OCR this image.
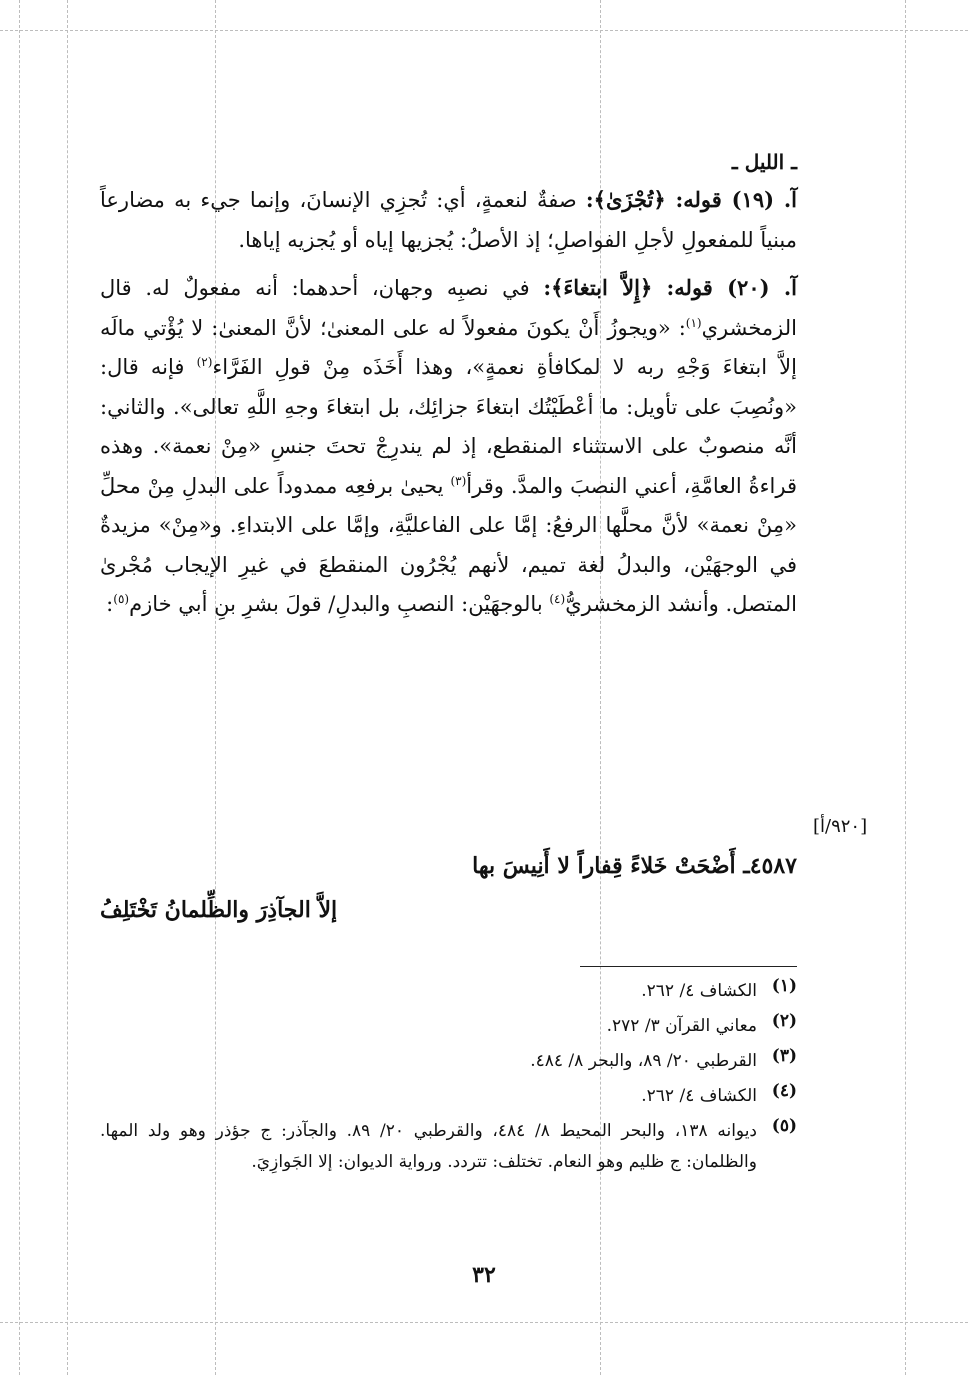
ـ الليل ـ

آ. (١٩) قوله: ﴿تُجْزَىٰ﴾: صفةٌ لنعمةٍ، أي: تُجزِي الإنسانَ، وإنما جيء به مضارعاً مبنياً للمفعولِ لأجلِ الفواصلِ؛ إذ الأصلُ: يُجزيها إياه أو يُجزيه إياها.

آ. (٢٠) قوله: ﴿إِلاَّ ابتغاءَ﴾: في نصبِه وجهان، أحدهما: أنه مفعولٌ له. قال الزمخشري$^{(١)}$: «ويجوزُ أَنْ يكونَ مفعولاً له على المعنىٰ؛ لأنَّ المعنىٰ: لا يُؤْتي مالَه إلاَّ ابتغاءَ وَجْهِ ربه لا لمكافأةِ نعمةٍ»، وهذا أَخَذَه مِنْ قولِ الفَرَّاء$^{(٢)}$ فإنه قال: «ونُصِبَ على تأويل: ما أعْطَيْتُك ابتغاءَ جزائِك، بل ابتغاءَ وجهِ اللَّهِ تعالى». والثاني: أنَّه منصوبٌ على الاستثناء المنقطع، إذ لم يندرِجْ تحتَ جنسِ «مِنْ نعمة». وهذه قراءةُ العامَّةِ، أعني النصبَ والمدَّ. وقرأ$^{(٣)}$ يحيىٰ برفعِه ممدوداً على البدلِ مِنْ محلِّ «مِنْ نعمة» لأنَّ محلَّها الرفعُ: إمَّا على الفاعليَّةِ، وإمَّا على الابتداءِ. و«مِنْ» مزيدةٌ في الوجهَيْن، والبدلُ لغة تميم، لأنهم يُجْرُون المنقطعَ في غيرِ الإيجاب مُجْرىٰ المتصل. وأنشد الزمخشريُّ$^{(٤)}$ بالوجهَيْن: النصبِ والبدلِ/ قولَ بشرِ بنِ أبي خازم$^{(٥)}$:

[٩٢٠/أ]
٤٥٨٧ـ أَضْحَتْ خَلاءً قِفاراً لا أَنِيسَ بها
إلاَّ الجآذِرَ والظِّلمانُ تَخْتَلِفُ
(١)
الكشاف ٤/ ٢٦٢.
(٢)
معاني القرآن ٣/ ٢٧٢.
(٣)
القرطبي ٢٠/ ٨٩، والبحر ٨/ ٤٨٤.
(٤)
الكشاف ٤/ ٢٦٢.
(٥)
ديوانه ١٣٨، والبحر المحيط ٨/ ٤٨٤، والقرطبي ٢٠/ ٨٩. والجآذر: ج جؤذر وهو ولد المها. والظلمان: ج ظليم وهو النعام. تختلف: تتردد. ورواية الديوان: إلا الجَوازِيَ.
٣٢
